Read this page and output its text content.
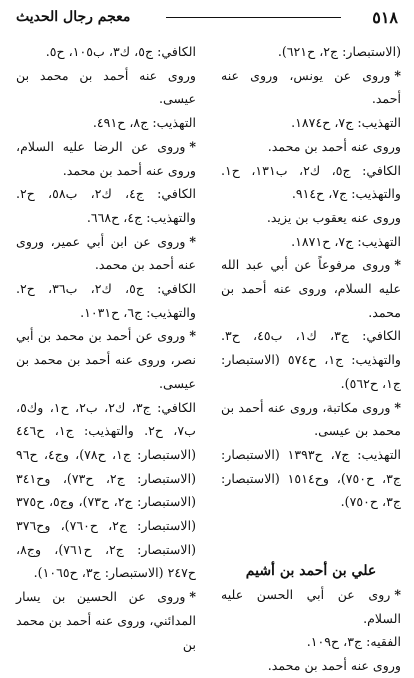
معجم رجال الحديث	٥١٨

(الاستبصار: ج٢، ح٦٢١).

*وروى عن يونس، وروى عنه أحمد.

التهذيب: ج٧، ح١٨٧٤.

وروى عنه أحمد بن محمد.

الكافي: ج٥، ك٢، ب١٣١، ح١. والتهذيب: ج٧، ح٩١٤.

وروى عنه يعقوب بن يزيد.

التهذيب: ج٧، ح١٨٧١.

*وروى مرفوعاً عن أبي عبد الله عليه السلام، وروى عنه أحمد بن محمد.

الكافي: ج٣، ك١، ب٤٥، ح٣. والتهذيب: ج١، ح٥٧٤ (الاستبصار: ج١، ح٥٦٢).

*وروى مكاتبة، وروى عنه أحمد بن محمد بن عيسى.

التهذيب: ج٧، ح١٣٩٣ (الاستبصار: ج٣، ح٧٥٠)، وح١٥١٤ (الاستبصار: ج٣، ح٧٥٠).

علي بن أحمد بن أشيم

*روى عن أبي الحسن عليه السلام.

الفقيه: ج٣، ح١٠٩.

وروى عنه أحمد بن محمد.

الكافي: ج٥، ك٣، ب١٠٥، ح٥.

وروى عنه أحمد بن محمد بن عيسى.

التهذيب: ج٨، ح٤٩١.

*وروى عن الرضا عليه السلام، وروى عنه أحمد بن محمد.

الكافي: ج٤، ك٢، ب٥٨، ح٢. والتهذيب: ج٤، ح٦٦٨.

*وروى عن ابن أبي عمير، وروى عنه أحمد بن محمد.

الكافي: ج٥، ك٢، ب٣٦، ح٢. والتهذيب: ج٦، ح١٠٣١.

*وروى عن أحمد بن محمد بن أبي نصر، وروى عنه أحمد بن محمد بن عيسى.

الكافي: ج٣، ك٢، ب٢، ح١، وك٥، ب٧، ح٢. والتهذيب: ج١، ح٤٤٦ (الاستبصار: ج١، ح٧٨)، وج٤، ح٩٦ (الاستبصار: ج٢، ح٧٣)، وح٣٤١ (الاستبصار: ج٢، ح٧٣)، وج٥، ح٣٧٥ (الاستبصار: ج٢، ح٧٦٠)، وح٣٧٦ (الاستبصار: ج٢، ح٧٦١)، وج٨، ح٢٤٧ (الاستبصار: ج٣، ح١٠٦٥).

*وروى عن الحسين بن يسار المدائني، وروى عنه أحمد بن محمد بن
